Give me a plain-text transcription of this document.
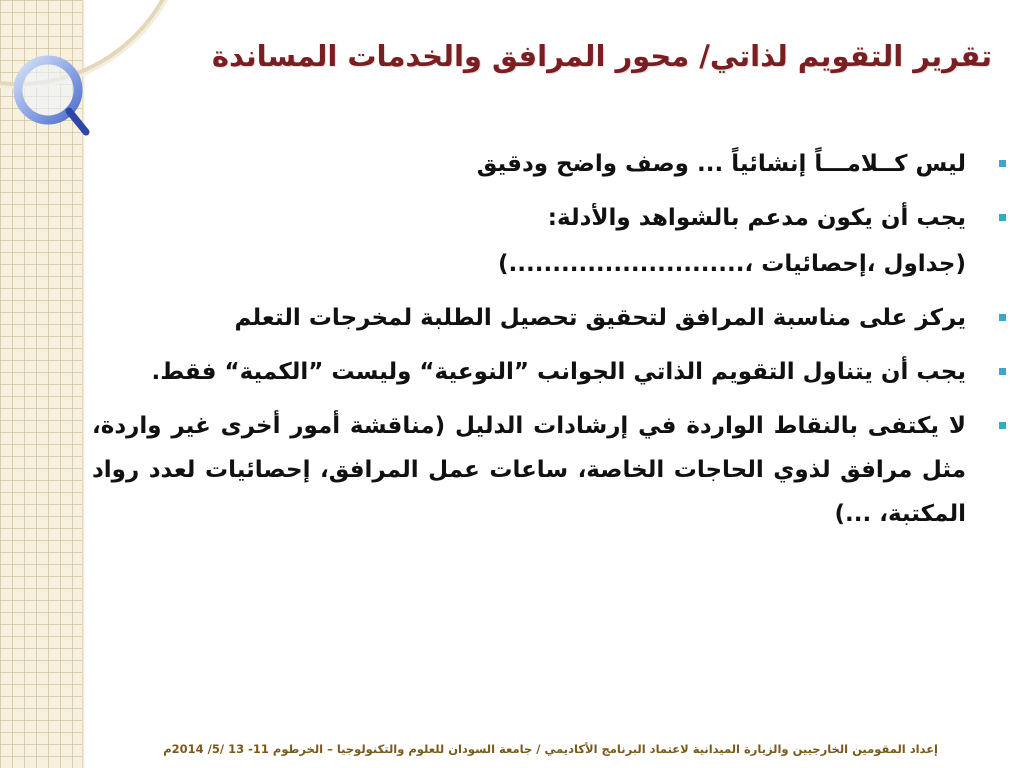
تقرير التقويم لذاتي/ محور المرافق والخدمات المساندة

ليس كــلامـــاً إنشائياً ... وصف واضح ودقيق

يجب أن يكون مدعم بالشواهد والأدلة:

(جداول ،إحصائيات ،...........................)

يركز على مناسبة المرافق لتحقيق تحصيل الطلبة لمخرجات التعلم

يجب أن يتناول التقويم الذاتي الجوانب ”النوعية“ وليست ”الكمية“ فقط.

لا يكتفى بالنقاط الواردة في إرشادات الدليل (مناقشة أمور أخرى غير واردة، مثل مرافق لذوي الحاجات الخاصة، ساعات عمل المرافق، إحصائيات لعدد رواد المكتبة، ...)

إعداد المقومين الخارجيين والزيارة الميدانية لاعتماد البرنامج الأكاديمي / جامعة السودان للعلوم والتكنولوجيا – الخرطوم 11- 13 /5/ 2014م
